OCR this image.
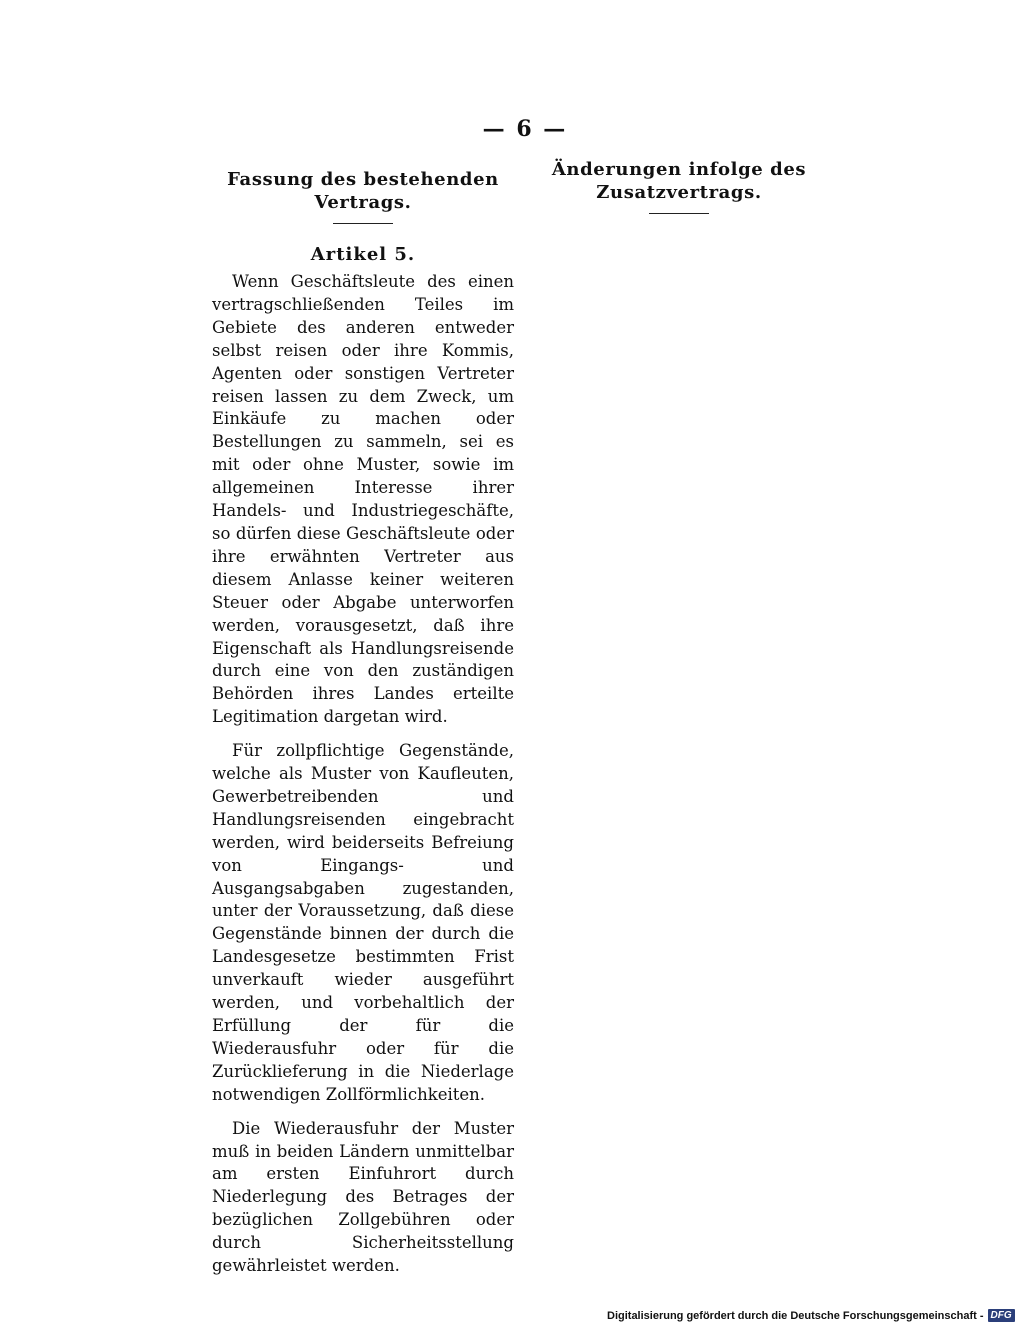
— 6 —
Fassung des bestehenden Vertrags.
Artikel 5.

Wenn Geschäftsleute des einen vertragschließenden Teiles im Gebiete des anderen entweder selbst reisen oder ihre Kommis, Agenten oder sonstigen Vertreter reisen lassen zu dem Zweck, um Einkäufe zu machen oder Bestellungen zu sammeln, sei es mit oder ohne Muster, sowie im allgemeinen Interesse ihrer Handels- und Industriegeschäfte, so dürfen diese Geschäftsleute oder ihre erwähnten Vertreter aus diesem Anlasse keiner weiteren Steuer oder Abgabe unterworfen werden, vorausgesetzt, daß ihre Eigenschaft als Handlungsreisende durch eine von den zuständigen Behörden ihres Landes erteilte Legitimation dargetan wird.

Für zollpflichtige Gegenstände, welche als Muster von Kaufleuten, Gewerbetreibenden und Handlungsreisenden eingebracht werden, wird beiderseits Befreiung von Eingangs- und Ausgangsabgaben zugestanden, unter der Voraussetzung, daß diese Gegenstände binnen der durch die Landesgesetze bestimmten Frist unverkauft wieder ausgeführt werden, und vorbehaltlich der Erfüllung der für die Wiederausfuhr oder für die Zurücklieferung in die Niederlage notwendigen Zollförmlichkeiten.

Die Wiederausfuhr der Muster muß in beiden Ländern unmittelbar am ersten Einfuhrort durch Niederlegung des Betrages der bezüglichen Zollgebühren oder durch Sicherheitsstellung gewährleistet werden.

Änderungen infolge des Zusatzvertrags.
Digitalisierung gefördert durch die Deutsche Forschungsgemeinschaft - DFG
